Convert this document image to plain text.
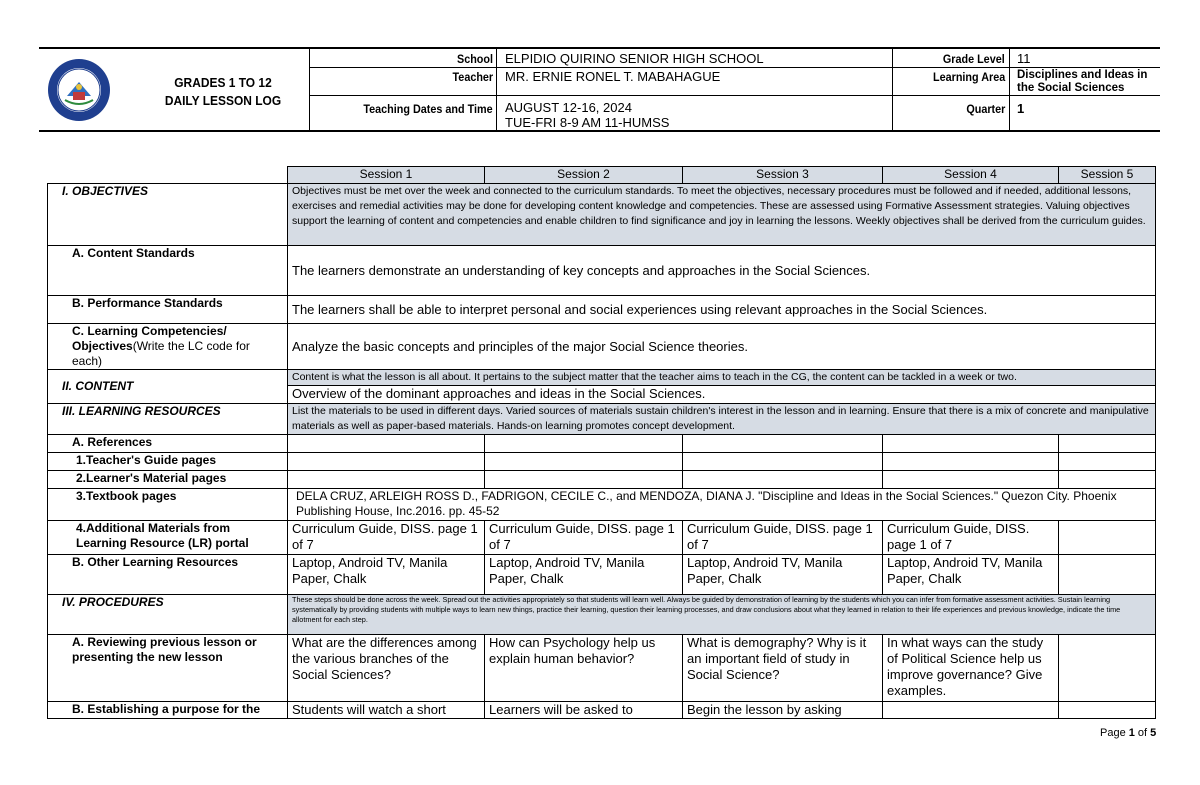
GRADES 1 TO 12
DAILY LESSON LOG
School ELPIDIO QUIRINO SENIOR HIGH SCHOOL
Teacher MR. ERNIE RONEL T. MABAHAGUE
Teaching Dates and Time AUGUST 12-16, 2024
TUE-FRI 8-9 AM 11-HUMSS
Grade Level 11
Learning Area Disciplines and Ideas in the Social Sciences
Quarter 1
	Session 1	Session 2	Session 3	Session 4	Session 5
I. OBJECTIVES	Objectives must be met over the week and connected to the curriculum standards. To meet the objectives, necessary procedures must be followed and if needed, additional lessons, exercises and remedial activities may be done for developing content knowledge and competencies. These are assessed using Formative Assessment strategies. Valuing objectives support the learning of content and competencies and enable children to find significance and joy in learning the lessons. Weekly objectives shall be derived from the curriculum guides.				
A. Content Standards	The learners demonstrate an understanding of key concepts and approaches in the Social Sciences.				
B. Performance Standards	The learners shall be able to interpret personal and social experiences using relevant approaches in the Social Sciences.				
C. Learning Competencies/ Objectives(Write the LC code for each)	Analyze the basic concepts and principles of the major Social Science theories.				
II. CONTENT	Content is what the lesson is all about. It pertains to the subject matter that the teacher aims to teach in the CG, the content can be tackled in a week or two.				
	Overview of the dominant approaches and ideas in the Social Sciences.				
III. LEARNING RESOURCES	List the materials to be used in different days. Varied sources of materials sustain children's interest in the lesson and in learning. Ensure that there is a mix of concrete and manipulative materials as well as paper-based materials. Hands-on learning promotes concept development.				
A. References					
1.Teacher's Guide pages					
2.Learner's Material pages					
3.Textbook pages	DELA CRUZ, ARLEIGH ROSS D., FADRIGON, CECILE C., and MENDOZA, DIANA J. "Discipline and Ideas in the Social Sciences." Quezon City. Phoenix Publishing House, Inc.2016. pp. 45-52				
4.Additional Materials from Learning Resource (LR) portal	Curriculum Guide, DISS. page 1 of 7	Curriculum Guide, DISS. page 1 of 7	Curriculum Guide, DISS. page 1 of 7	Curriculum Guide, DISS. page 1 of 7	
B. Other Learning Resources	Laptop, Android TV, Manila Paper, Chalk	Laptop, Android TV, Manila Paper, Chalk	Laptop, Android TV, Manila Paper, Chalk	Laptop, Android TV, Manila Paper, Chalk	
IV. PROCEDURES	These steps should be done across the week. Spread out the activities appropriately so that students will learn well. Always be guided by demonstration of learning by the students which you can infer from formative assessment activities. Sustain learning systematically by providing students with multiple ways to learn new things, practice their learning, question their learning processes, and draw conclusions about what they learned in relation to their life experiences and previous knowledge, indicate the time allotment for each step.				
A. Reviewing previous lesson or presenting the new lesson	What are the differences among the various branches of the Social Sciences?	How can Psychology help us explain human behavior?	What is demography? Why is it an important field of study in Social Science?	In what ways can the study of Political Science help us improve governance? Give examples.	
B. Establishing a purpose for the	Students will watch a short	Learners will be asked to	Begin the lesson by asking		
Page 1 of 5
